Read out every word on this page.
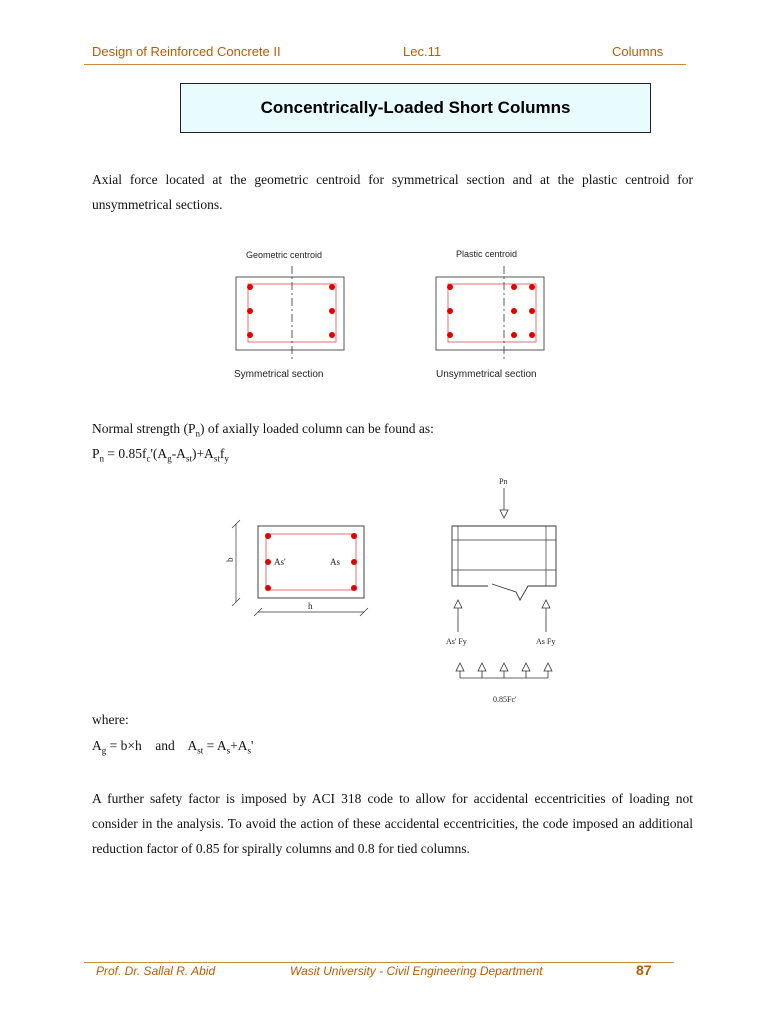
Design of Reinforced Concrete II	Lec.11	Columns
Concentrically-Loaded Short Columns
Axial force located at the geometric centroid for symmetrical section and at the plastic centroid for unsymmetrical sections.
Geometric centroid	Plastic centroid
Symmetrical section	Unsymmetrical section
Normal strength $(P_n)$ of axially loaded column can be found as:
$P_n = 0.85f_c'(A_g-A_{st})+A_{st}f_y$
As'	As
b
h
Pn
As' Fy	As Fy
0.85Fc'
where:
$A_g = b\times h$    and    $A_{st} = A_s+A_s'$
A further safety factor is imposed by ACI 318 code to allow for accidental eccentricities of loading not consider in the analysis. To avoid the action of these accidental eccentricities, the code imposed an additional reduction factor of 0.85 for spirally columns and 0.8 for tied columns.
Prof. Dr. Sallal R. Abid	Wasit University - Civil Engineering Department	87
